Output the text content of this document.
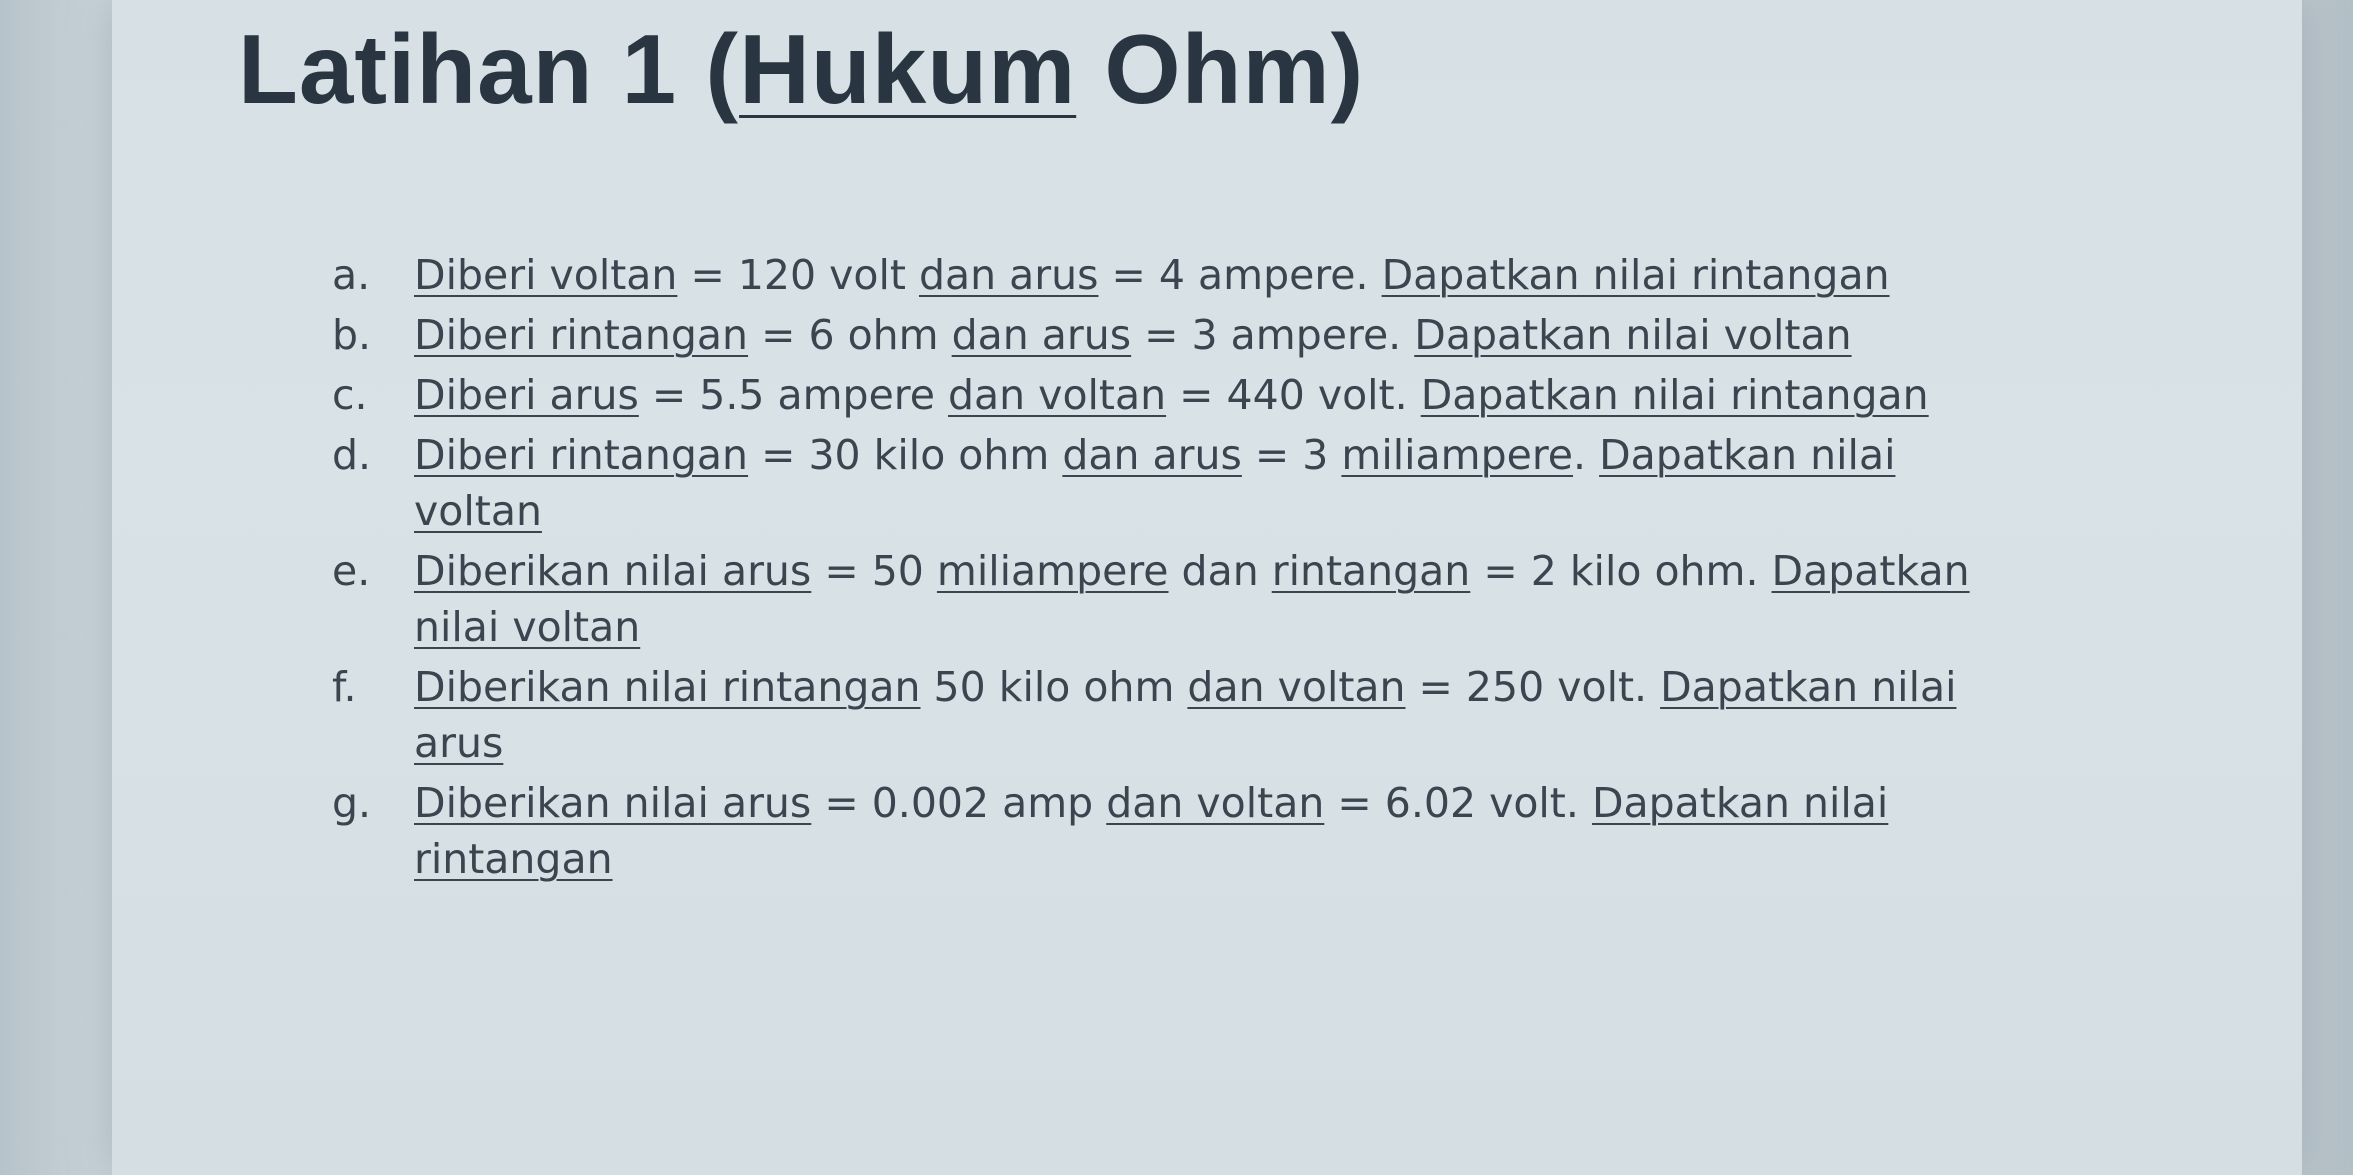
Latihan 1 (Hukum Ohm)
a.	Diberi voltan = 120 volt dan arus = 4 ampere. Dapatkan nilai rintangan
b.	Diberi rintangan = 6 ohm dan arus = 3 ampere. Dapatkan nilai voltan
c.	Diberi arus = 5.5 ampere dan voltan = 440 volt. Dapatkan nilai rintangan
d.	Diberi rintangan = 30 kilo ohm dan arus = 3 miliampere. Dapatkan nilai voltan
e.	Diberikan nilai arus = 50 miliampere dan rintangan = 2 kilo ohm. Dapatkan nilai voltan
f.	Diberikan nilai rintangan 50 kilo ohm dan voltan = 250 volt. Dapatkan nilai arus
g.	Diberikan nilai arus = 0.002 amp dan voltan = 6.02 volt. Dapatkan nilai rintangan
